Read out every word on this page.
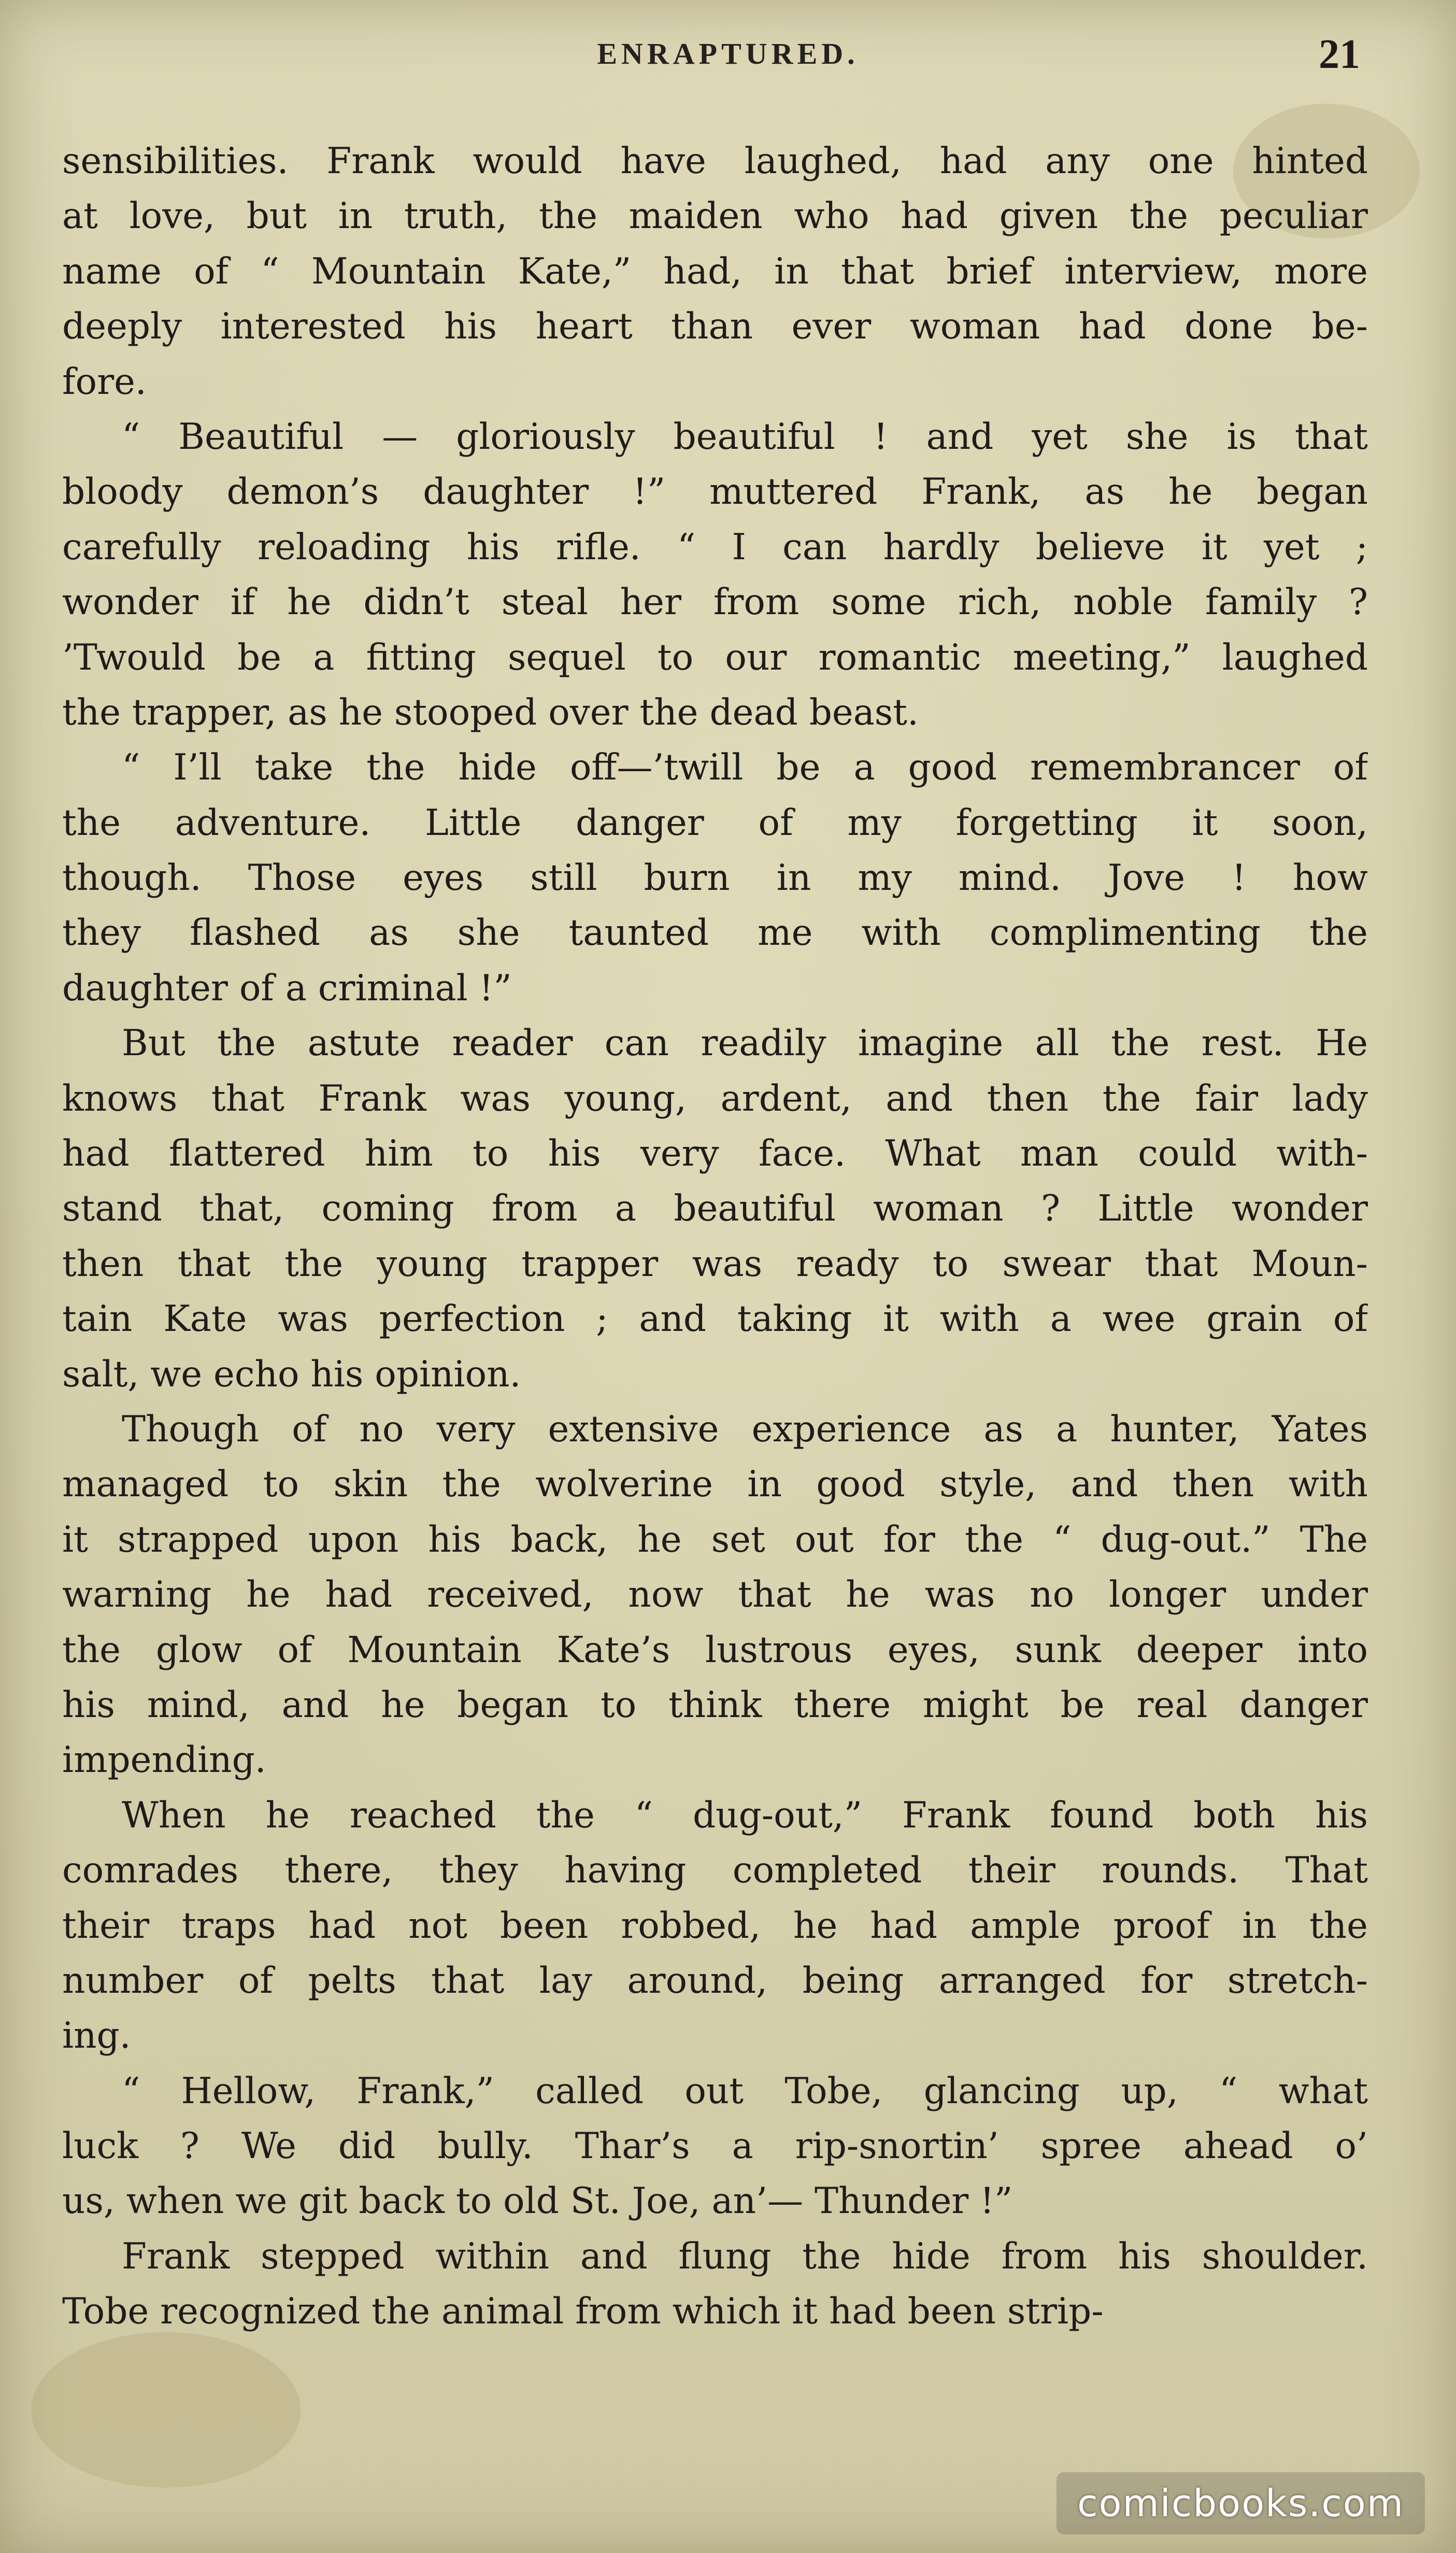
ENRAPTURED.	21
sensibilities. Frank would have laughed, had any one hinted
at love, but in truth, the maiden who had given the peculiar
name of “ Mountain Kate,” had, in that brief interview, more
deeply interested his heart than ever woman had done be-
fore.
“ Beautiful — gloriously beautiful ! and yet she is that
bloody demon’s daughter !” muttered Frank, as he began
carefully reloading his rifle. “ I can hardly believe it yet ;
wonder if he didn’t steal her from some rich, noble family ?
’Twould be a fitting sequel to our romantic meeting,” laughed
the trapper, as he stooped over the dead beast.
“ I’ll take the hide off—’twill be a good remembrancer of
the adventure. Little danger of my forgetting it soon,
though. Those eyes still burn in my mind. Jove ! how
they flashed as she taunted me with complimenting the
daughter of a criminal !”
But the astute reader can readily imagine all the rest. He
knows that Frank was young, ardent, and then the fair lady
had flattered him to his very face. What man could with-
stand that, coming from a beautiful woman ? Little wonder
then that the young trapper was ready to swear that Moun-
tain Kate was perfection ; and taking it with a wee grain of
salt, we echo his opinion.
Though of no very extensive experience as a hunter, Yates
managed to skin the wolverine in good style, and then with
it strapped upon his back, he set out for the “ dug-out.” The
warning he had received, now that he was no longer under
the glow of Mountain Kate’s lustrous eyes, sunk deeper into
his mind, and he began to think there might be real danger
impending.
When he reached the “ dug-out,” Frank found both his
comrades there, they having completed their rounds. That
their traps had not been robbed, he had ample proof in the
number of pelts that lay around, being arranged for stretch-
ing.
“ Hellow, Frank,” called out Tobe, glancing up, “ what
luck ? We did bully. Thar’s a rip-snortin’ spree ahead o’
us, when we git back to old St. Joe, an’— Thunder !”
Frank stepped within and flung the hide from his shoulder.
Tobe recognized the animal from which it had been strip-
comicbooks.com
